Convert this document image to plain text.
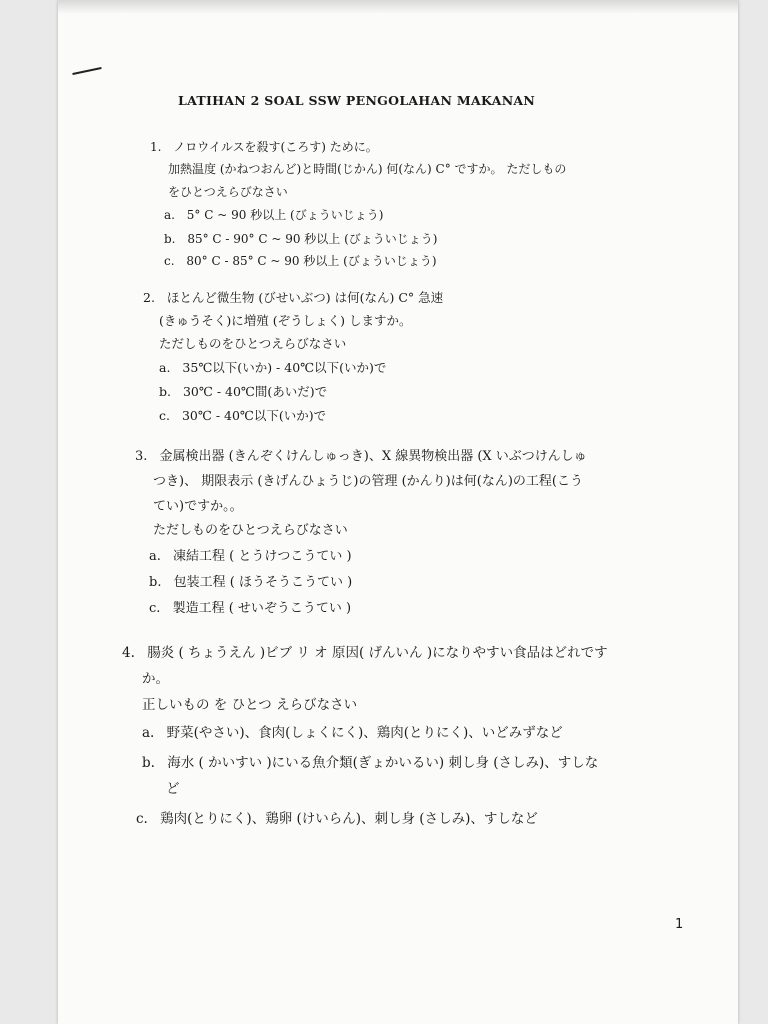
LATIHAN 2 SOAL SSW PENGOLAHAN MAKANAN
1. ノロウイルスを殺す(ころす) ために。
加熱温度 (かねつおんど)と時間(じかん) 何(なん) C° ですか。 ただしもの
をひとつえらびなさい
a. 5° C ~ 90 秒以上 (びょういじょう)
b. 85° C - 90° C ~ 90 秒以上 (びょういじょう)
c. 80° C - 85° C ~ 90 秒以上 (びょういじょう)
2. ほとんど微生物 (びせいぶつ) は何(なん) C° 急速
(きゅうそく)に増殖 (ぞうしょく) しますか。
ただしものをひとつえらびなさい
a. 35℃以下(いか) - 40℃以下(いか)で
b. 30℃ - 40℃間(あいだ)で
c. 30℃ - 40℃以下(いか)で
3. 金属検出器 (きんぞくけんしゅっき)、X 線異物検出器 (X いぶつけんしゅ
つき)、 期限表示 (きげんひょうじ)の管理 (かんり)は何(なん)の工程(こう
てい)ですか。。
ただしものをひとつえらびなさい
a. 凍結工程 ( とうけつこうてい )
b. 包装工程 ( ほうそうこうてい )
c. 製造工程 ( せいぞうこうてい )
4. 腸炎 ( ちょうえん )ビブ リ オ 原因( げんいん )になりやすい食品はどれです
か。
正しいもの を ひとつ えらびなさい
a. 野菜(やさい)、食肉(しょくにく)、鶏肉(とりにく)、いどみずなど
b. 海水 ( かいすい )にいる魚介類(ぎょかいるい) 刺し身 (さしみ)、すしな
ど
c. 鶏肉(とりにく)、鶏卵 (けいらん)、刺し身 (さしみ)、すしなど
1
